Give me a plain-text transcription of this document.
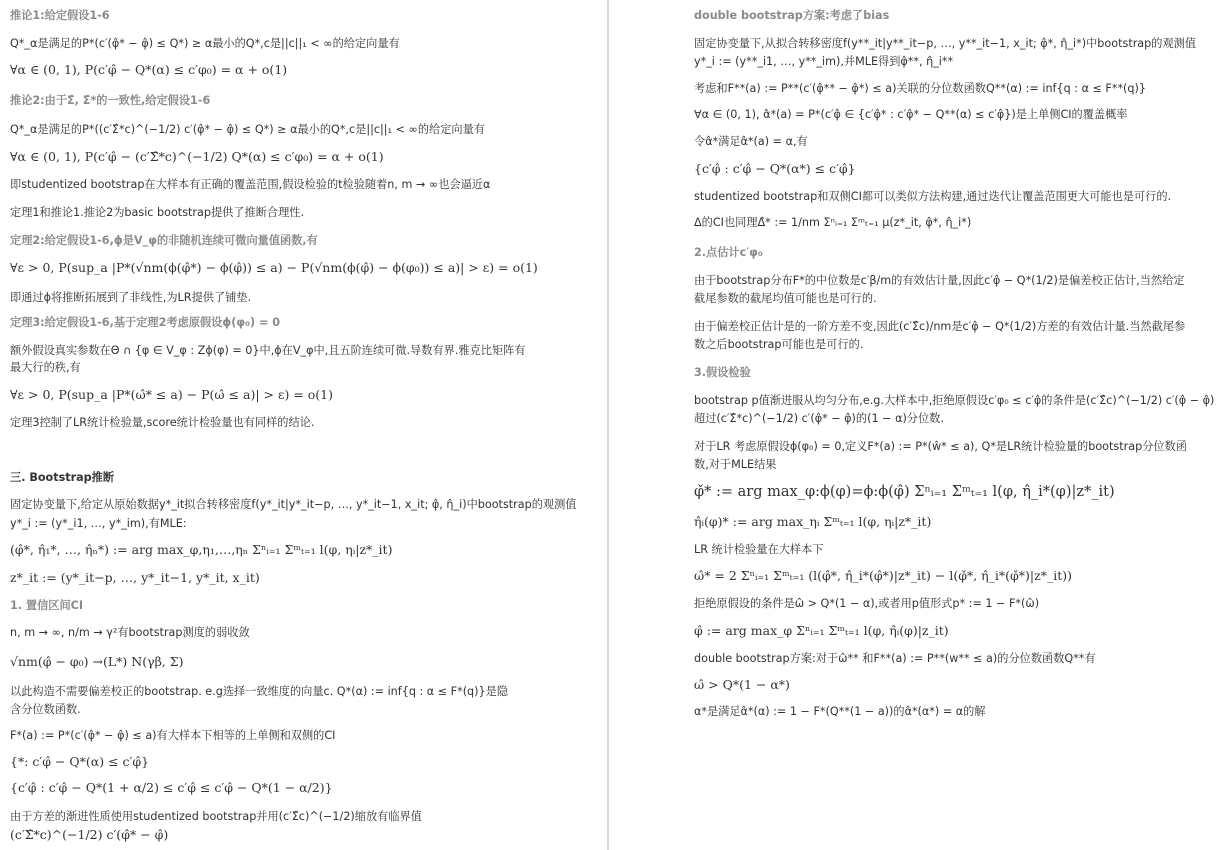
推论1:给定假设1-6
Q*_α是满足的P*(c′(φ̂* − φ̂) ≤ Q*) ≥ α最小的Q*,c是||c||₁ < ∞的给定向量有
∀α ∈ (0, 1), P(c′φ̂ − Q*(α) ≤ c′φ₀) = α + o(1)
推论2:由于Σ̂, Σ̂*的一致性,给定假设1-6
Q*_α是满足的P*((c′Σ̂*c)^(−1/2) c′(φ̂* − φ̂) ≤ Q*) ≥ α最小的Q*,c是||c||₁ < ∞的给定向量有
∀α ∈ (0, 1), P(c′φ̂ − (c′Σ̂*c)^(−1/2) Q*(α) ≤ c′φ₀) = α + o(1)
即studentized bootstrap在大样本有正确的覆盖范围,假设检验的t检验随着n, m → ∞也会逼近α
定理1和推论1.推论2为basic bootstrap提供了推断合理性.
定理2:给定假设1-6,ϕ是V_φ的非随机连续可微向量值函数,有
∀ε > 0, P(sup_a |P*(√nm(ϕ(φ̂*) − ϕ(φ̂)) ≤ a) − P(√nm(ϕ(φ̂) − ϕ(φ₀)) ≤ a)| > ε) = o(1)
即通过ϕ将推断拓展到了非线性,为LR提供了铺垫.
定理3:给定假设1-6,基于定理2考虑原假设ϕ(φ₀) = 0
额外假设真实参数在Θ ∩ {φ ∈ V_φ : Zϕ(φ) = 0}中,ϕ在V_φ中,且五阶连续可微.导数有界.雅克比矩阵有
最大行的秩,有
∀ε > 0, P(sup_a |P*(ω̂* ≤ a) − P(ω̂ ≤ a)| > ε) = o(1)
定理3控制了LR统计检验量,score统计检验量也有同样的结论.
三. Bootstrap推断
固定协变量下,给定从原始数据y*_it拟合转移密度f(y*_it|y*_it−p, …, y*_it−1, x_it; φ̂, η̂_i)中bootstrap的观测值
y*_i := (y*_i1, …, y*_im),有MLE:
(φ̂*, η̂₁*, …, η̂ₙ*) := arg max_φ,η₁,…,ηₙ Σⁿᵢ₌₁ Σᵐₜ₌₁ l(φ, ηᵢ|z*_it)
z*_it := (y*_it−p, …, y*_it−1, y*_it, x_it)
1. 置信区间CI
n, m → ∞, n/m → γ²有bootstrap测度的弱收敛
√nm(φ̂ − φ₀) →(L*) N(γβ, Σ)
以此构造不需要偏差校正的bootstrap. e.g选择一致维度的向量c. Q*(α) := inf{q : α ≤ F*(q)}是隐
含分位数函数.
F*(a) := P*(c′(φ̂* − φ̂) ≤ a)有大样本下相等的上单侧和双侧的CI
{*: c′φ̂ − Q*(α) ≤ c′φ̂}
{c′φ̂ : c′φ̂ − Q*(1 + α/2) ≤ c′φ̂ ≤ c′φ̂ − Q*(1 − α/2)}
由于方差的渐进性质使用studentized bootstrap并用(c′Σ̂c)^(−1/2)缩放有临界值
(c′Σ̂*c)^(−1/2) c′(φ̂* − φ̂)
double bootstrap方案:考虑了bias
固定协变量下,从拟合转移密度f(y**_it|y**_it−p, …, y**_it−1, x_it; φ̂*, η̂_i*)中bootstrap的观测值
y*_i := (y**_i1, …, y**_im),并MLE得到φ̂**, η̂_i**
考虑和F**(a) := P**(c′(φ̂** − φ̂*) ≤ a)关联的分位数函数Q**(α) := inf{q : α ≤ F**(q)}
∀α ∈ (0, 1), α̂*(a) = P*(c′φ̂ ∈ {c′φ̂* : c′φ̂* − Q**(α) ≤ c′φ̂})是上单侧CI的覆盖概率
令α̂*满足α̂*(a) = α,有
{c′φ̂ : c′φ̂ − Q*(α*) ≤ c′φ̂}
studentized bootstrap和双侧CI都可以类似方法构建,通过迭代让覆盖范围更大可能也是可行的.
Δ的CI也同理Δ̂* := 1/nm Σⁿᵢ₌₁ Σᵐₜ₌₁ μ(z*_it, φ̂*, η̂_i*)
2.点估计c′φ₀
由于bootstrap分布F*的中位数是c′β/m的有效估计量,因此c′φ̂ − Q*(1/2)是偏差校正估计,当然给定
截尾参数的截尾均值可能也是可行的.
由于偏差校正估计是的一阶方差不变,因此(c′Σ̂c)/nm是c′φ̂ − Q*(1/2)方差的有效估计量.当然截尾参
数之后bootstrap可能也是可行的.
3.假设检验
bootstrap p值渐进服从均匀分布,e.g.大样本中,拒绝原假设c′φ₀ ≤ c′φ̂的条件是(c′Σ̂c)^(−1/2) c′(φ̂ − φ̂)
超过(c′Σ̂*c)^(−1/2) c′(φ̂* − φ̂)的(1 − α)分位数.
对于LR 考虑原假设ϕ(φ₀) = 0,定义F*(a) := P*(ŵ* ≤ a), Q*是LR统计检验量的bootstrap分位数函
数,对于MLE结果
φ̌* := arg max_φ:ϕ(φ)=ϕ:ϕ(φ̂) Σⁿᵢ₌₁ Σᵐₜ₌₁ l(φ, η̂_i*(φ)|z*_it)
η̂ᵢ(φ)* := arg max_ηᵢ Σᵐₜ₌₁ l(φ, ηᵢ|z*_it)
LR 统计检验量在大样本下
ω̂* = 2 Σⁿᵢ₌₁ Σᵐₜ₌₁ (l(φ̂*, η̂_i*(φ̂*)|z*_it) − l(φ̌*, η̂_i*(φ̌*)|z*_it))
拒绝原假设的条件是ω̂ > Q*(1 − α),或者用p值形式p* := 1 − F*(ω̂)
φ̂ := arg max_φ Σⁿᵢ₌₁ Σᵐₜ₌₁ l(φ, η̂ᵢ(φ)|z_it)
double bootstrap方案:对于ω̂** 和F**(a) := P**(w** ≤ a)的分位数函数Q**有
ω̂ > Q*(1 − α*)
α*是满足α̂*(α) := 1 − F*(Q**(1 − a))的α̂*(α*) = α的解
